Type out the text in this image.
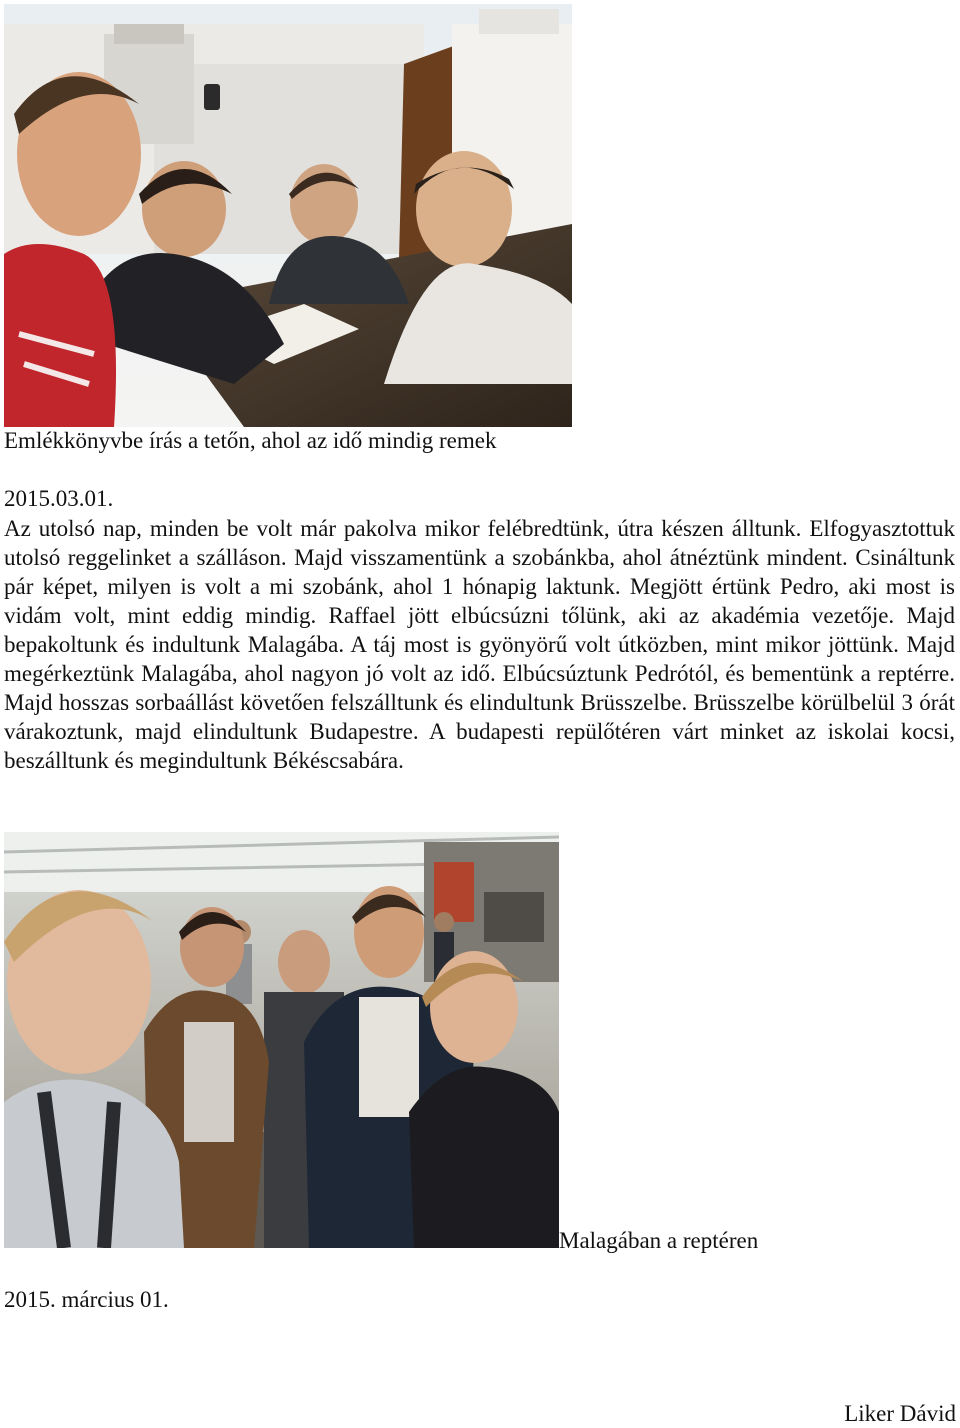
Emlékkönyvbe írás a tetőn, ahol az idő mindig remek
2015.03.01.

Az utolsó nap, minden be volt már pakolva mikor felébredtünk, útra készen álltunk. Elfogyasztottuk utolsó reggelinket a szálláson. Majd visszamentünk a szobánkba, ahol átnéztünk mindent. Csináltunk pár képet, milyen is volt a mi szobánk, ahol 1 hónapig laktunk. Megjött értünk Pedro, aki most is vidám volt, mint eddig mindig. Raffael jött elbúcsúzni tőlünk, aki az akadémia vezetője. Majd bepakoltunk és indultunk Malagába. A táj most is gyönyörű volt útközben, mint mikor jöttünk. Majd megérkeztünk Malagába, ahol nagyon jó volt az idő. Elbúcsúztunk Pedrótól, és bementünk a reptérre. Majd hosszas sorbaállást követően felszálltunk és elindultunk Brüsszelbe. Brüsszelbe körülbelül 3 órát várakoztunk, majd elindultunk Budapestre. A budapesti repülőtéren várt minket az iskolai kocsi, beszálltunk és megindultunk Békéscsabára.

Malagában a reptéren
2015. március 01.
Liker Dávid
